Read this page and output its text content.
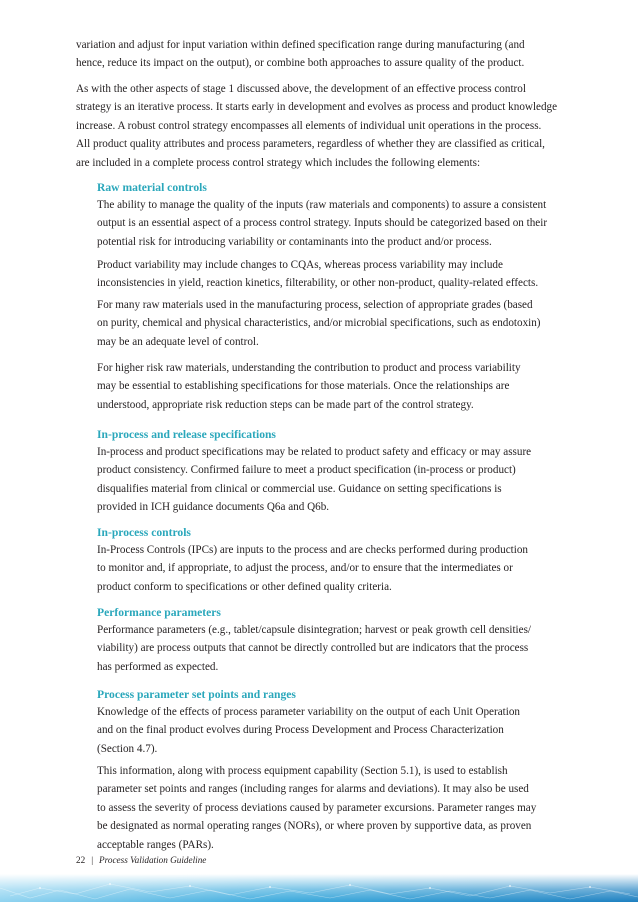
variation and adjust for input variation within defined specification range during manufacturing (and
hence, reduce its impact on the output), or combine both approaches to assure quality of the product.
As with the other aspects of stage 1 discussed above, the development of an effective process control
strategy is an iterative process. It starts early in development and evolves as process and product knowledge
increase. A robust control strategy encompasses all elements of individual unit operations in the process.
All product quality attributes and process parameters, regardless of whether they are classified as critical,
are included in a complete process control strategy which includes the following elements:
Raw material controls
The ability to manage the quality of the inputs (raw materials and components) to assure a consistent
output is an essential aspect of a process control strategy. Inputs should be categorized based on their
potential risk for introducing variability or contaminants into the product and/or process.
Product variability may include changes to CQAs, whereas process variability may include
inconsistencies in yield, reaction kinetics, filterability, or other non-product, quality-related effects.
For many raw materials used in the manufacturing process, selection of appropriate grades (based
on purity, chemical and physical characteristics, and/or microbial specifications, such as endotoxin)
may be an adequate level of control.
For higher risk raw materials, understanding the contribution to product and process variability
may be essential to establishing specifications for those materials. Once the relationships are
understood, appropriate risk reduction steps can be made part of the control strategy.
In-process and release specifications
In-process and product specifications may be related to product safety and efficacy or may assure
product consistency. Confirmed failure to meet a product specification (in-process or product)
disqualifies material from clinical or commercial use. Guidance on setting specifications is
provided in ICH guidance documents Q6a and Q6b.
In-process controls
In-Process Controls (IPCs) are inputs to the process and are checks performed during production
to monitor and, if appropriate, to adjust the process, and/or to ensure that the intermediates or
product conform to specifications or other defined quality criteria.
Performance parameters
Performance parameters (e.g., tablet/capsule disintegration; harvest or peak growth cell densities/
viability) are process outputs that cannot be directly controlled but are indicators that the process
has performed as expected.
Process parameter set points and ranges
Knowledge of the effects of process parameter variability on the output of each Unit Operation
and on the final product evolves during Process Development and Process Characterization
(Section 4.7).
This information, along with process equipment capability (Section 5.1), is used to establish
parameter set points and ranges (including ranges for alarms and deviations). It may also be used
to assess the severity of process deviations caused by parameter excursions. Parameter ranges may
be designated as normal operating ranges (NORs), or where proven by supportive data, as proven
acceptable ranges (PARs).
22 | Process Validation Guideline
